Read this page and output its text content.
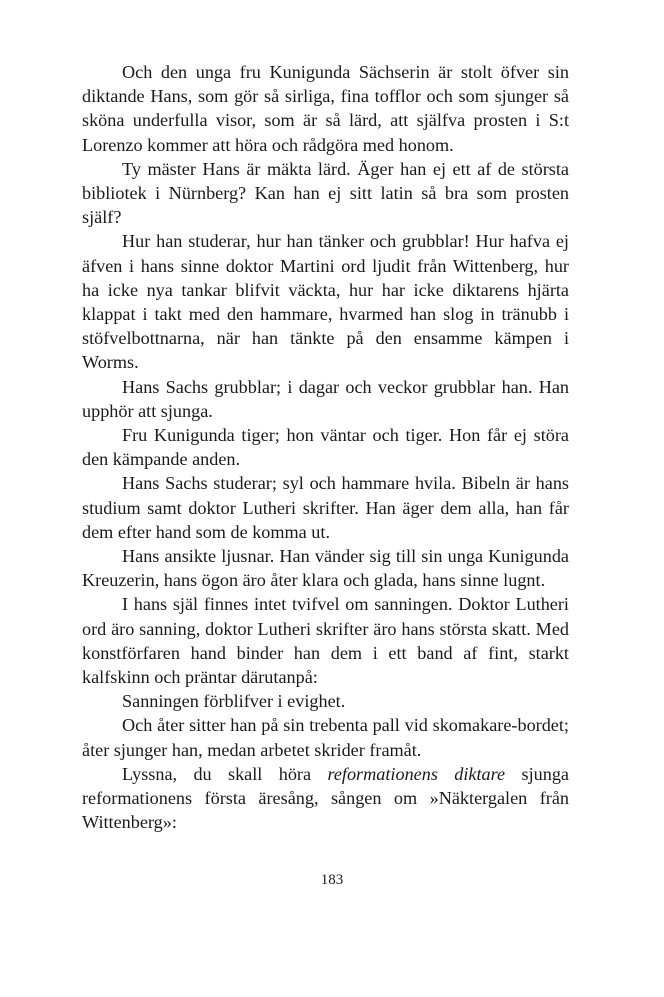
Och den unga fru Kunigunda Sächserin är stolt öfver sin diktande Hans, som gör så sirliga, fina tofflor och som sjunger så sköna underfulla visor, som är så lärd, att själfva prosten i S:t Lorenzo kommer att höra och rådgöra med honom.

Ty mäster Hans är mäkta lärd. Äger han ej ett af de största bibliotek i Nürnberg? Kan han ej sitt latin så bra som prosten själf?

Hur han studerar, hur han tänker och grubblar! Hur hafva ej äfven i hans sinne doktor Martini ord ljudit från Wittenberg, hur ha icke nya tankar blifvit väckta, hur har icke diktarens hjärta klappat i takt med den hammare, hvarmed han slog in tränubb i stöfvelbottnarna, när han tänkte på den ensamme kämpen i Worms.

Hans Sachs grubblar; i dagar och veckor grubblar han. Han upphör att sjunga.

Fru Kunigunda tiger; hon väntar och tiger. Hon får ej störa den kämpande anden.

Hans Sachs studerar; syl och hammare hvila. Bibeln är hans studium samt doktor Lutheri skrifter. Han äger dem alla, han får dem efter hand som de komma ut.

Hans ansikte ljusnar. Han vänder sig till sin unga Kunigunda Kreuzerin, hans ögon äro åter klara och glada, hans sinne lugnt.

I hans själ finnes intet tvifvel om sanningen. Doktor Lutheri ord äro sanning, doktor Lutheri skrifter äro hans största skatt. Med konstförfaren hand binder han dem i ett band af fint, starkt kalfskinn och präntar därutanpå:

Sanningen förblifver i evighet.

Och åter sitter han på sin trebenta pall vid skomakare-bordet; åter sjunger han, medan arbetet skrider framåt.

Lyssna, du skall höra reformationens diktare sjunga reformationens första äresång, sången om »Näktergalen från Wittenberg»:

183
